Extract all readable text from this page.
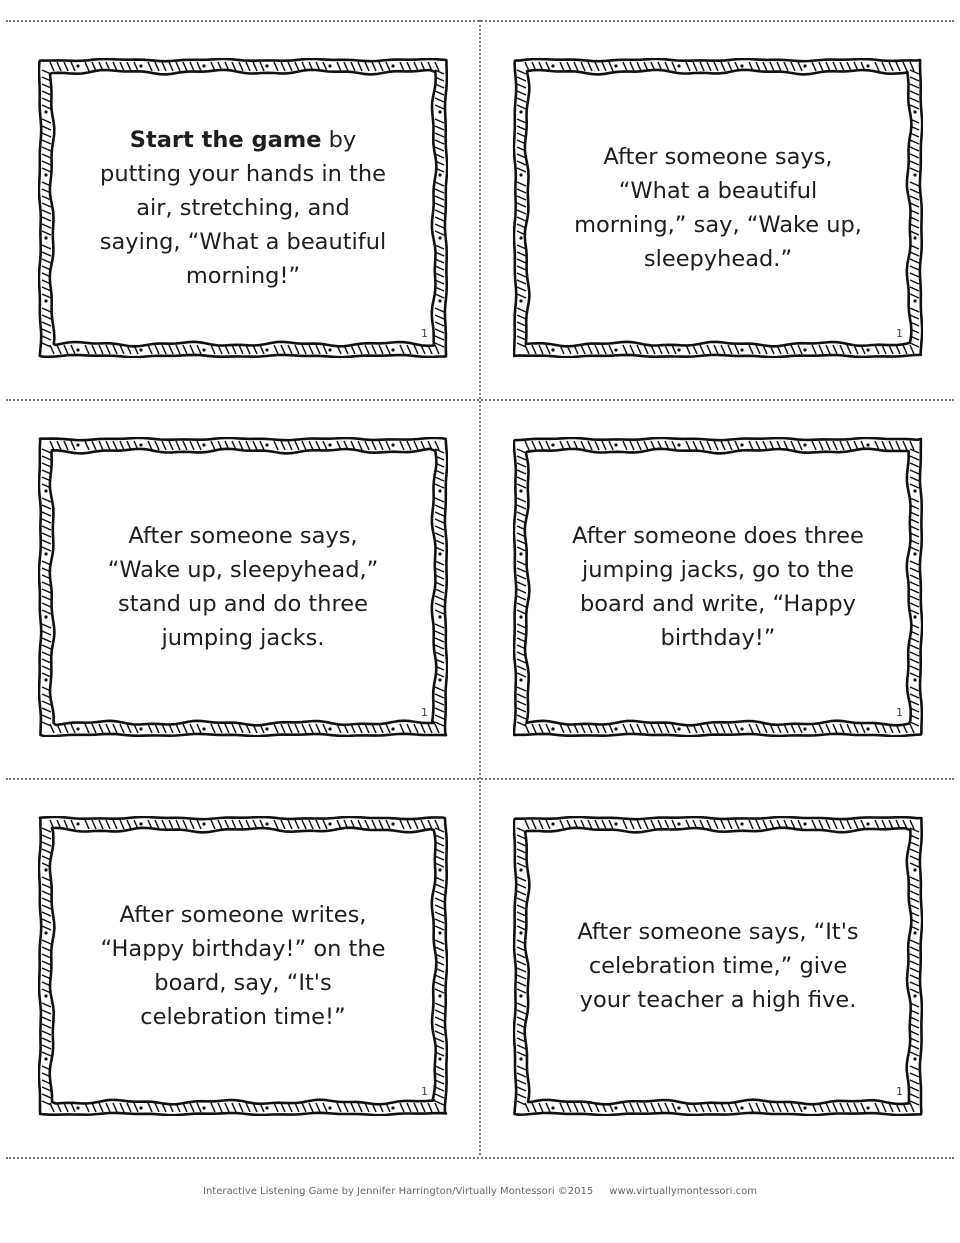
Start the game by putting your hands in the air, stretching, and saying, “What a beautiful morning!”
1
After someone says, “What a beautiful morning,” say, “Wake up, sleepyhead.”
1
After someone says, “Wake up, sleepyhead,” stand up and do three jumping jacks.
1
After someone does three jumping jacks, go to the board and write, “Happy birthday!”
1
After someone writes, “Happy birthday!” on the board, say, “It's celebration time!”
1
After someone says, “It's celebration time,” give your teacher a high five.
1
Interactive Listening Game by Jennifer Harrington/Virtually Montessori ©2015 www.virtuallymontessori.com
